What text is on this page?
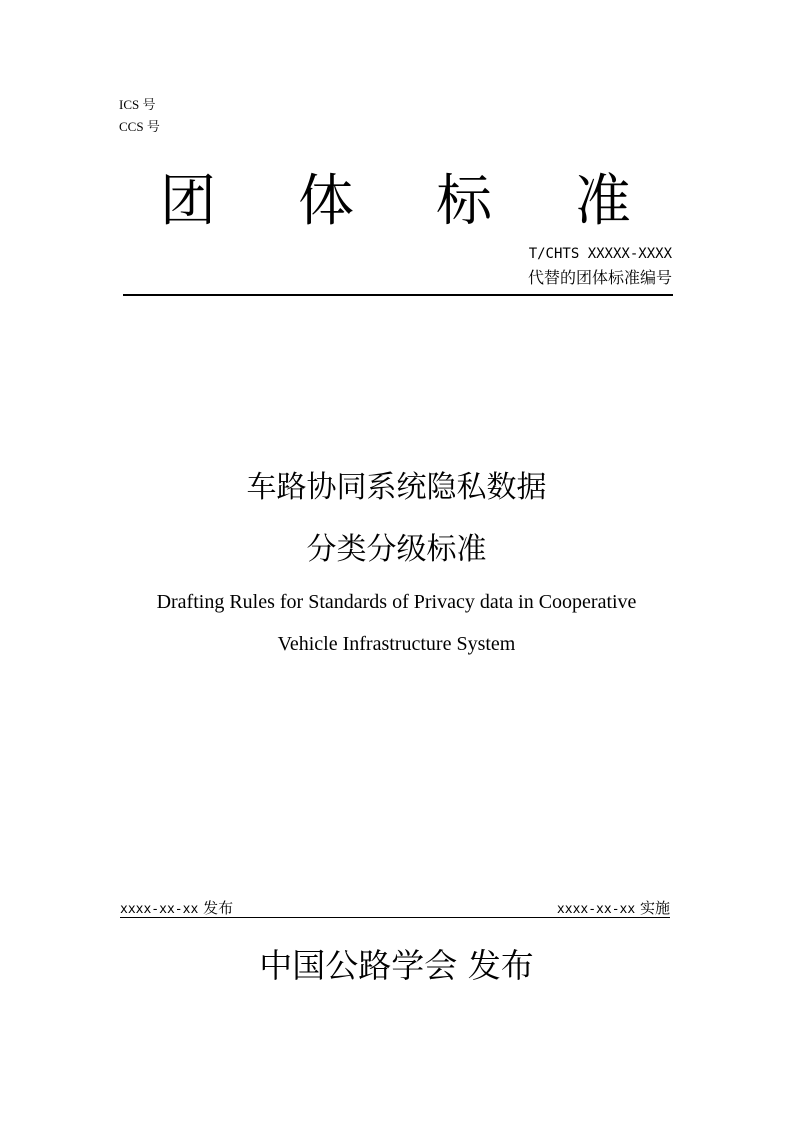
ICS 号
CCS 号
团 体 标 准
T/CHTS XXXXX-XXXX
代替的团体标准编号
车路协同系统隐私数据
分类分级标准
Drafting Rules for Standards of Privacy data in Cooperative
Vehicle Infrastructure System
xxxx-xx-xx 发布	xxxx-xx-xx 实施
中国公路学会 发布
